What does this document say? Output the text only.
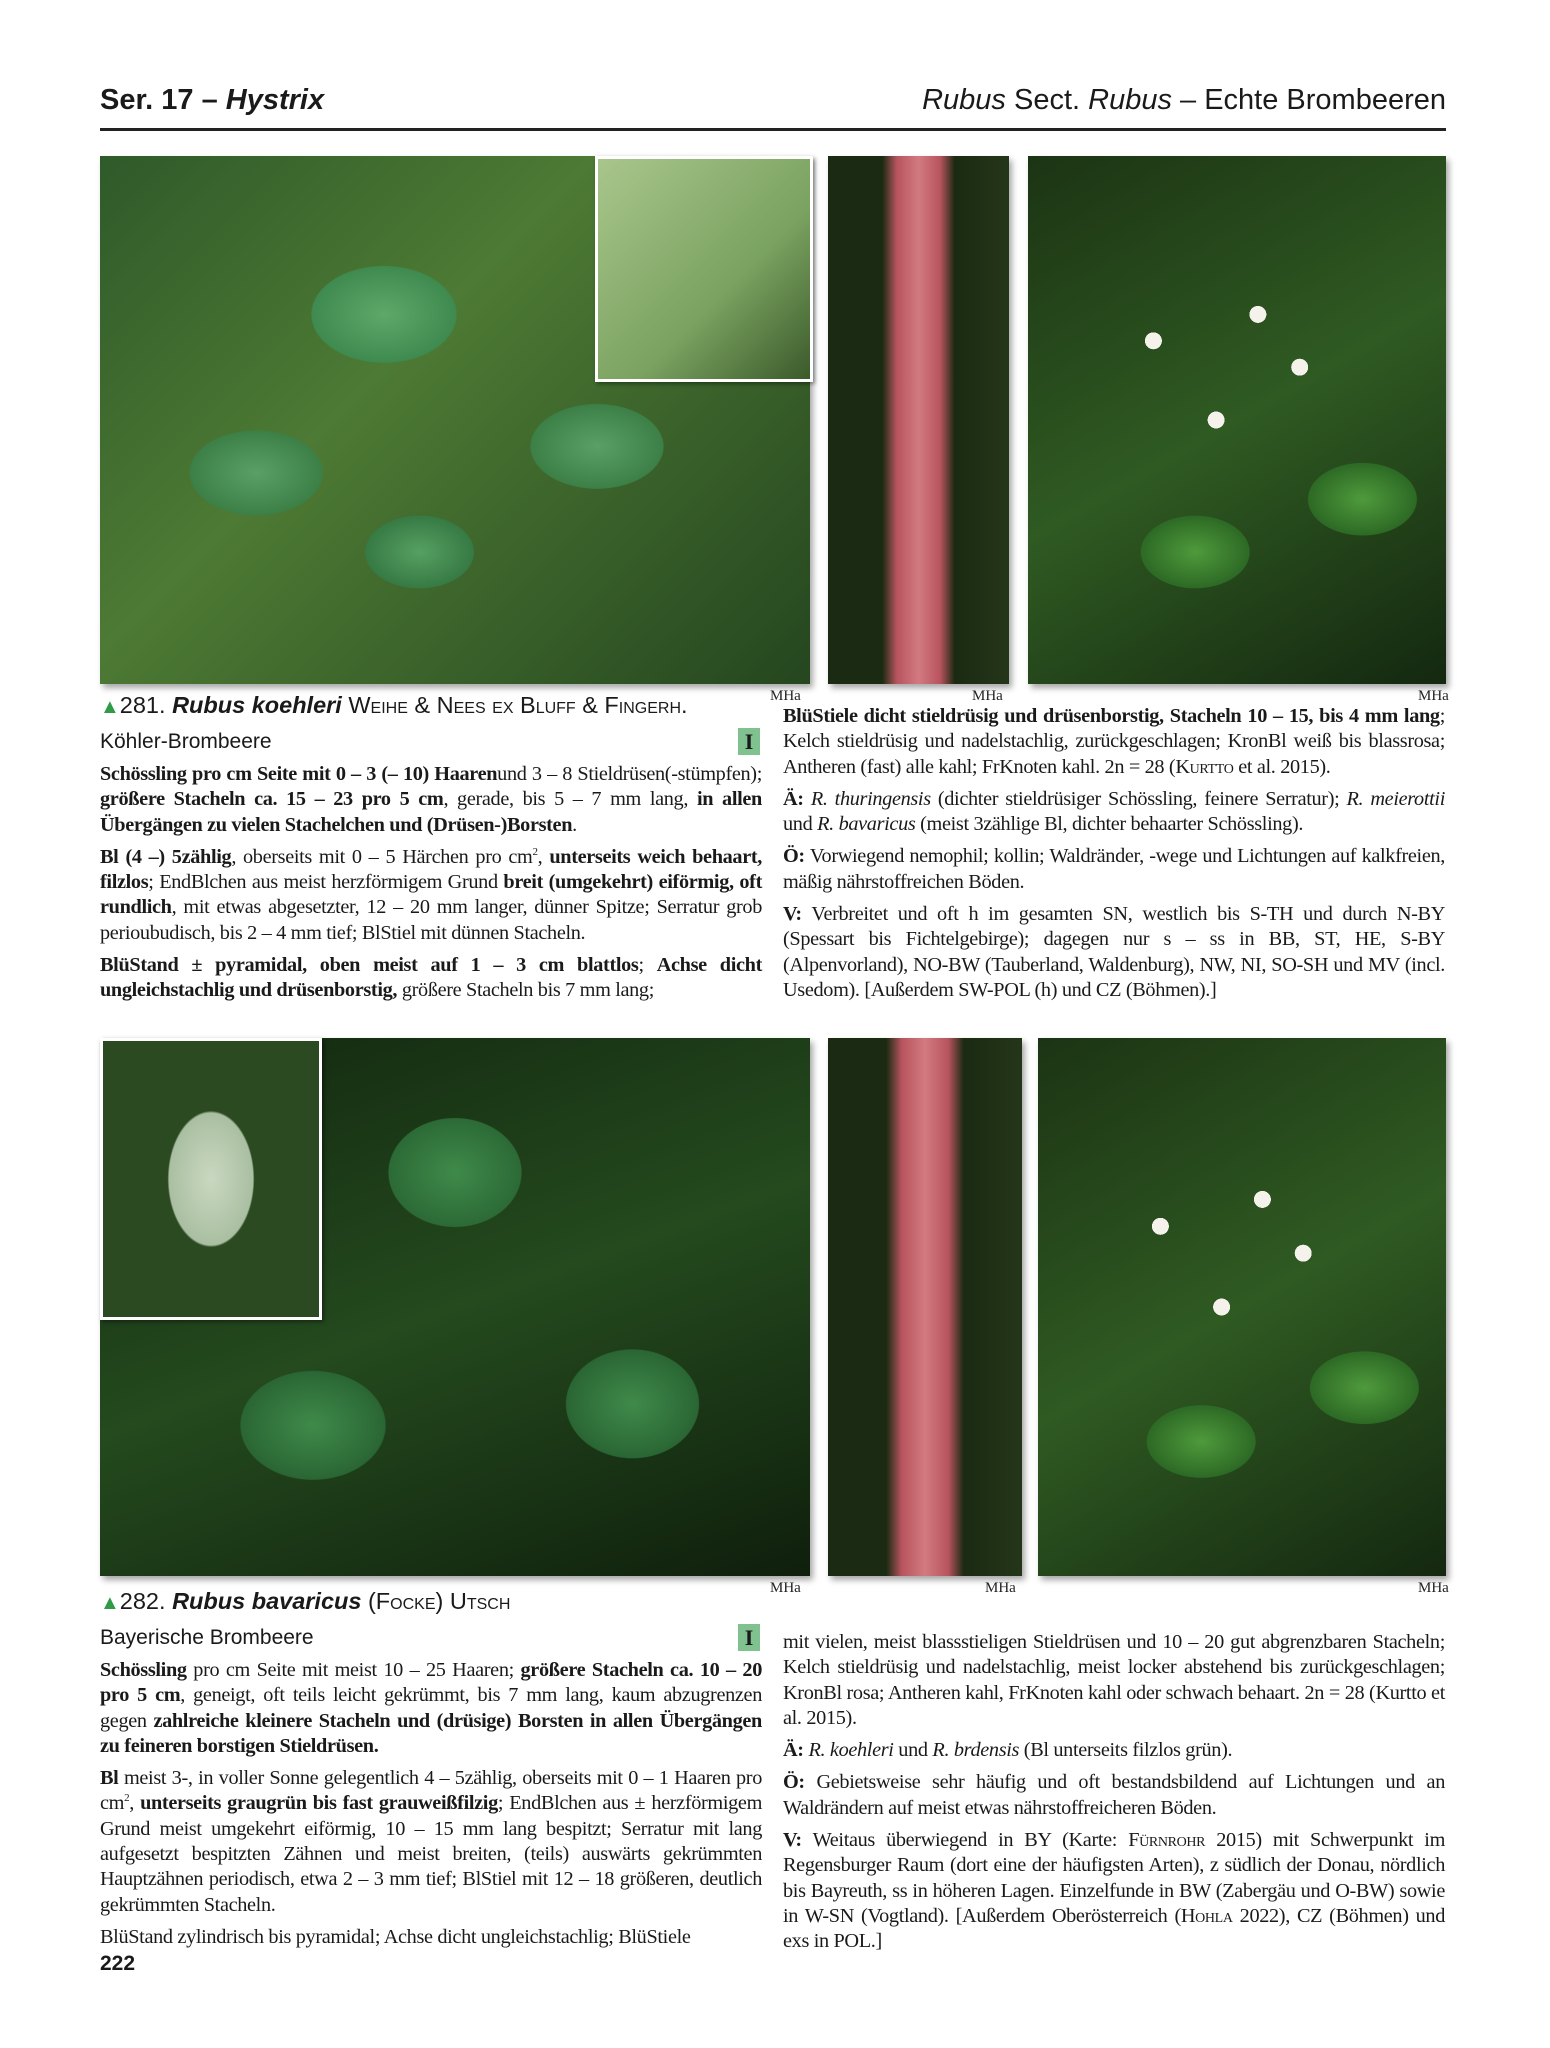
Ser. 17 – Hystrix	Rubus Sect. Rubus – Echte Brombeeren
MHa	MHa	MHa
▲281. Rubus koehleri Weihe & Nees ex Bluff & Fingerh.
Köhler-Brombeere	I

Schössling pro cm Seite mit 0 – 3 (– 10) Haarenund 3 – 8 Stieldrüsen(-stümpfen); größere Stacheln ca. 15 – 23 pro 5 cm, gerade, bis 5 – 7 mm lang, in allen Übergängen zu vielen Stachelchen und (Drüsen-)Borsten.

Bl (4 –) 5zählig, oberseits mit 0 – 5 Härchen pro $cm^2$, unterseits weich behaart, filzlos; EndBlchen aus meist herzförmigem Grund breit (umgekehrt) eiförmig, oft rundlich, mit etwas abgesetzter, 12 – 20 mm langer, dünner Spitze; Serratur grob perioubudisch, bis 2 – 4 mm tief; BlStiel mit dünnen Stacheln.

BlüStand ± pyramidal, oben meist auf 1 – 3 cm blattlos; Achse dicht ungleichstachlig und drüsenborstig, größere Stacheln bis 7 mm lang;

BlüStiele dicht stieldrüsig und drüsenborstig, Stacheln 10 – 15, bis 4 mm lang; Kelch stieldrüsig und nadelstachlig, zurückgeschlagen; KronBl weiß bis blassrosa; Antheren (fast) alle kahl; FrKnoten kahl. 2n = 28 (Kurtto et al. 2015).

Ä: R. thuringensis (dichter stieldrüsiger Schössling, feinere Serratur); R. meierottii und R. bavaricus (meist 3zählige Bl, dichter behaarter Schössling).

Ö: Vorwiegend nemophil; kollin; Waldränder, -wege und Lichtungen auf kalkfreien, mäßig nährstoffreichen Böden.

V: Verbreitet und oft h im gesamten SN, westlich bis S-TH und durch N-BY (Spessart bis Fichtelgebirge); dagegen nur s – ss in BB, ST, HE, S-BY (Alpenvorland), NO-BW (Tauberland, Waldenburg), NW, NI, SO-SH und MV (incl. Usedom). [Außerdem SW-POL (h) und CZ (Böhmen).]

MHa	MHa	MHa
▲282. Rubus bavaricus (Focke) Utsch
Bayerische Brombeere	I

Schössling pro cm Seite mit meist 10 – 25 Haaren; größere Stacheln ca. 10 – 20 pro 5 cm, geneigt, oft teils leicht gekrümmt, bis 7 mm lang, kaum abzugrenzen gegen zahlreiche kleinere Stacheln und (drüsige) Borsten in allen Übergängen zu feineren borstigen Stieldrüsen.

Bl meist 3-, in voller Sonne gelegentlich 4 – 5zählig, oberseits mit 0 – 1 Haaren pro $cm^2$, unterseits graugrün bis fast grauweißfilzig; EndBlchen aus ± herzförmigem Grund meist umgekehrt eiförmig, 10 – 15 mm lang bespitzt; Serratur mit lang aufgesetzt bespitzten Zähnen und meist breiten, (teils) auswärts gekrümmten Hauptzähnen periodisch, etwa 2 – 3 mm tief; BlStiel mit 12 – 18 größeren, deutlich gekrümmten Stacheln.

BlüStand zylindrisch bis pyramidal; Achse dicht ungleichstachlig; BlüStiele

mit vielen, meist blassstieligen Stieldrüsen und 10 – 20 gut abgrenzbaren Stacheln; Kelch stieldrüsig und nadelstachlig, meist locker abstehend bis zurückgeschlagen; KronBl rosa; Antheren kahl, FrKnoten kahl oder schwach behaart. 2n = 28 (Kurtto et al. 2015).

Ä: R. koehleri und R. brdensis (Bl unterseits filzlos grün).

Ö: Gebietsweise sehr häufig und oft bestandsbildend auf Lichtungen und an Waldrändern auf meist etwas nährstoffreicheren Böden.

V: Weitaus überwiegend in BY (Karte: Fürnrohr 2015) mit Schwerpunkt im Regensburger Raum (dort eine der häufigsten Arten), z südlich der Donau, nördlich bis Bayreuth, ss in höheren Lagen. Einzelfunde in BW (Zabergäu und O-BW) sowie in W-SN (Vogtland). [Außerdem Oberösterreich (Hohla 2022), CZ (Böhmen) und exs in POL.]

222
